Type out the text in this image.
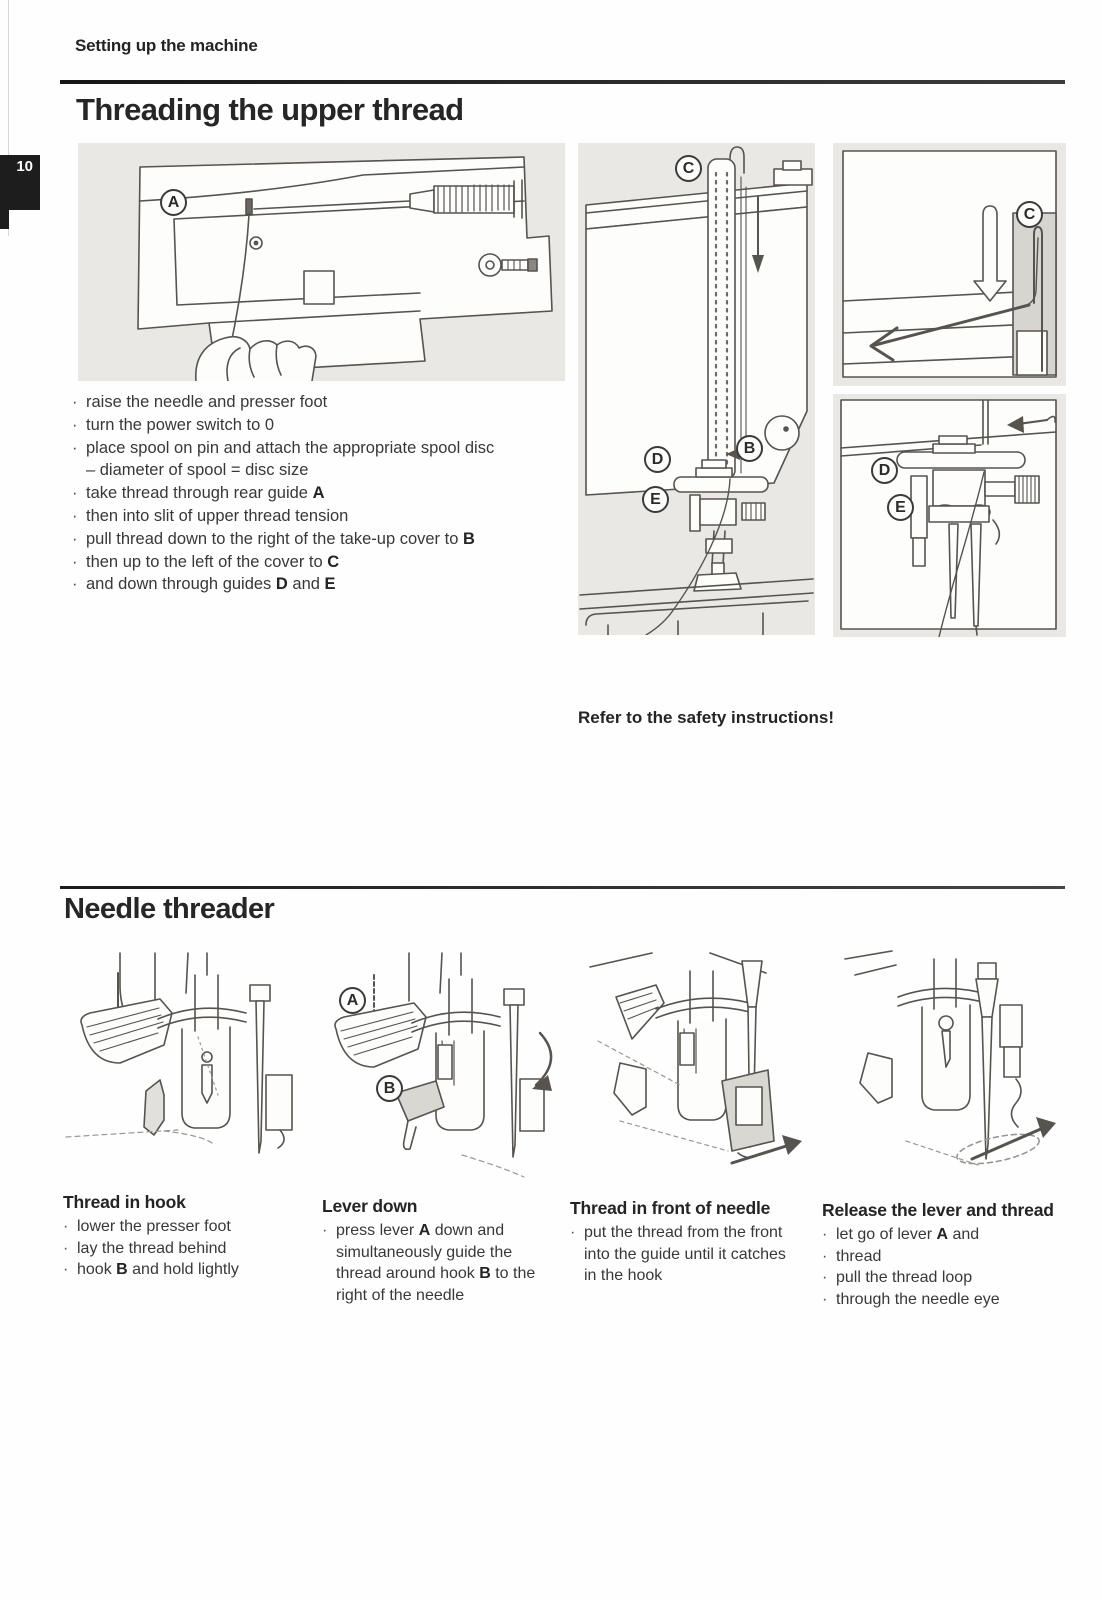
10
Setting up the machine
Threading the upper thread
A
C
B
D
E
C
D
E
· raise the needle and presser foot
· turn the power switch to 0
· place spool on pin and attach the appropriate spool disc
– diameter of spool = disc size
· take thread through rear guide A
· then into slit of upper thread tension
· pull thread down to the right of the take-up cover to B
· then up to the left of the cover to C
· and down through guides D and E
Refer to the safety instructions!
Needle threader
A
B
Thread in hook
· lower the presser foot
· lay the thread behind
· hook B and hold lightly
Lever down
· press lever A down and simultaneously guide the thread around hook B to the right of the needle
Thread in front of needle
· put the thread from the front into the guide until it catches in the hook
Release the lever and thread
· let go of lever A and
· thread
· pull the thread loop
· through the needle eye
